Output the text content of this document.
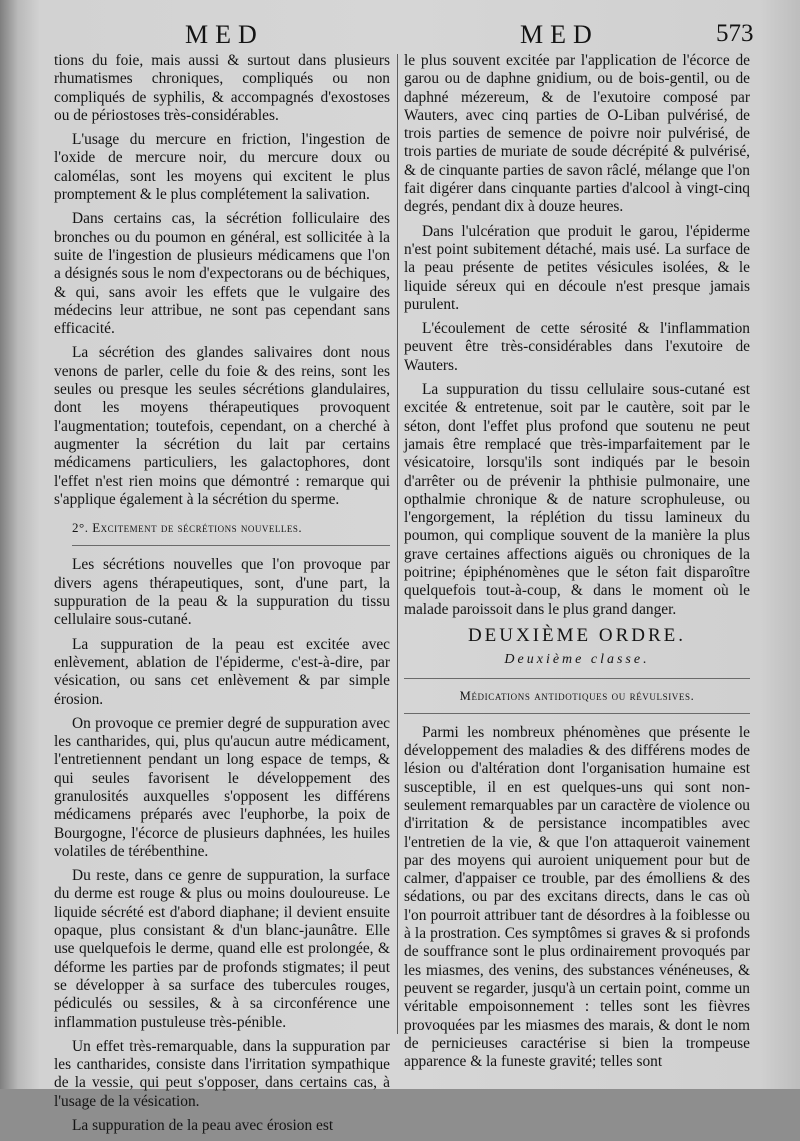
MED	MED	573

tions du foie, mais aussi & surtout dans plusieurs rhumatismes chroniques, compliqués ou non compliqués de syphilis, & accompagnés d'exostoses ou de périostoses très-considérables.

L'usage du mercure en friction, l'ingestion de l'oxide de mercure noir, du mercure doux ou calomélas, sont les moyens qui excitent le plus promptement & le plus complétement la salivation.

Dans certains cas, la sécrétion folliculaire des bronches ou du poumon en général, est sollicitée à la suite de l'ingestion de plusieurs médicamens que l'on a désignés sous le nom d'expectorans ou de béchiques, & qui, sans avoir les effets que le vulgaire des médecins leur attribue, ne sont pas cependant sans efficacité.

La sécrétion des glandes salivaires dont nous venons de parler, celle du foie & des reins, sont les seules ou presque les seules sécrétions glandulaires, dont les moyens thérapeutiques provoquent l'augmentation; toutefois, cependant, on a cherché à augmenter la sécrétion du lait par certains médicamens particuliers, les galactophores, dont l'effet n'est rien moins que démontré : remarque qui s'applique également à la sécrétion du sperme.

2°. Excitement de sécrétions nouvelles.

Les sécrétions nouvelles que l'on provoque par divers agens thérapeutiques, sont, d'une part, la suppuration de la peau & la suppuration du tissu cellulaire sous-cutané.

La suppuration de la peau est excitée avec enlèvement, ablation de l'épiderme, c'est-à-dire, par vésication, ou sans cet enlèvement & par simple érosion.

On provoque ce premier degré de suppuration avec les cantharides, qui, plus qu'aucun autre médicament, l'entretiennent pendant un long espace de temps, & qui seules favorisent le développement des granulosités auxquelles s'opposent les différens médicamens préparés avec l'euphorbe, la poix de Bourgogne, l'écorce de plusieurs daphnées, les huiles volatiles de térébenthine.

Du reste, dans ce genre de suppuration, la surface du derme est rouge & plus ou moins douloureuse. Le liquide sécrété est d'abord diaphane; il devient ensuite opaque, plus consistant & d'un blanc-jaunâtre. Elle use quelquefois le derme, quand elle est prolongée, & déforme les parties par de profonds stigmates; il peut se développer à sa surface des tubercules rouges, pédiculés ou sessiles, & à sa circonférence une inflammation pustuleuse très-pénible.

Un effet très-remarquable, dans la suppuration par les cantharides, consiste dans l'irritation sympathique de la vessie, qui peut s'opposer, dans certains cas, à l'usage de la vésication.

La suppuration de la peau avec érosion est

le plus souvent excitée par l'application de l'écorce de garou ou de daphne gnidium, ou de bois-gentil, ou de daphné mézereum, & de l'exutoire composé par Wauters, avec cinq parties de O-Liban pulvérisé, de trois parties de semence de poivre noir pulvérisé, de trois parties de muriate de soude décrépité & pulvérisé, & de cinquante parties de savon râclé, mélange que l'on fait digérer dans cinquante parties d'alcool à vingt-cinq degrés, pendant dix à douze heures.

Dans l'ulcération que produit le garou, l'épiderme n'est point subitement détaché, mais usé. La surface de la peau présente de petites vésicules isolées, & le liquide séreux qui en découle n'est presque jamais purulent.

L'écoulement de cette sérosité & l'inflammation peuvent être très-considérables dans l'exutoire de Wauters.

La suppuration du tissu cellulaire sous-cutané est excitée & entretenue, soit par le cautère, soit par le séton, dont l'effet plus profond que soutenu ne peut jamais être remplacé que très-imparfaitement par le vésicatoire, lorsqu'ils sont indiqués par le besoin d'arrêter ou de prévenir la phthisie pulmonaire, une opthalmie chronique & de nature scrophuleuse, ou l'engorgement, la réplétion du tissu lamineux du poumon, qui complique souvent de la manière la plus grave certaines affections aiguës ou chroniques de la poitrine; épiphénomènes que le séton fait disparoître quelquefois tout-à-coup, & dans le moment où le malade paroissoit dans le plus grand danger.

DEUXIÈME ORDRE.
Deuxième classe.
Médications antidotiques ou révulsives.

Parmi les nombreux phénomènes que présente le développement des maladies & des différens modes de lésion ou d'altération dont l'organisation humaine est susceptible, il en est quelques-uns qui sont non-seulement remarquables par un caractère de violence ou d'irritation & de persistance incompatibles avec l'entretien de la vie, & que l'on attaqueroit vainement par des moyens qui auroient uniquement pour but de calmer, d'appaiser ce trouble, par des émolliens & des sédations, ou par des excitans directs, dans le cas où l'on pourroit attribuer tant de désordres à la foiblesse ou à la prostration. Ces symptômes si graves & si profonds de souffrance sont le plus ordinairement provoqués par les miasmes, des venins, des substances vénéneuses, & peuvent se regarder, jusqu'à un certain point, comme un véritable empoisonnement : telles sont les fièvres provoquées par les miasmes des marais, & dont le nom de pernicieuses caractérise si bien la trompeuse apparence & la funeste gravité; telles sont
